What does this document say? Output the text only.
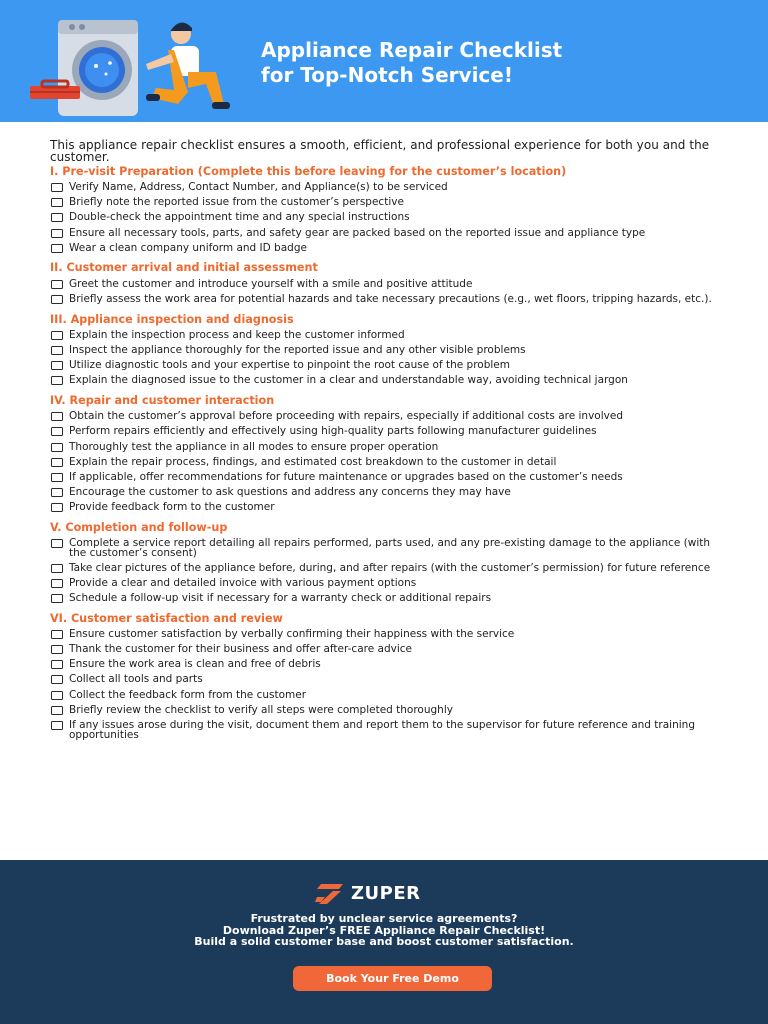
Appliance Repair Checklist
for Top-Notch Service!

This appliance repair checklist ensures a smooth, efficient, and professional experience for both you and the customer.

I. Pre-visit Preparation (Complete this before leaving for the customer’s location)
Verify Name, Address, Contact Number, and Appliance(s) to be serviced
Briefly note the reported issue from the customer’s perspective
Double-check the appointment time and any special instructions
Ensure all necessary tools, parts, and safety gear are packed based on the reported issue and appliance type
Wear a clean company uniform and ID badge
II. Customer arrival and initial assessment
Greet the customer and introduce yourself with a smile and positive attitude
Briefly assess the work area for potential hazards and take necessary precautions (e.g., wet floors, tripping hazards, etc.).
III. Appliance inspection and diagnosis
Explain the inspection process and keep the customer informed
Inspect the appliance thoroughly for the reported issue and any other visible problems
Utilize diagnostic tools and your expertise to pinpoint the root cause of the problem
Explain the diagnosed issue to the customer in a clear and understandable way, avoiding technical jargon
IV. Repair and customer interaction
Obtain the customer’s approval before proceeding with repairs, especially if additional costs are involved
Perform repairs efficiently and effectively using high-quality parts following manufacturer guidelines
Thoroughly test the appliance in all modes to ensure proper operation
Explain the repair process, findings, and estimated cost breakdown to the customer in detail
If applicable, offer recommendations for future maintenance or upgrades based on the customer’s needs
Encourage the customer to ask questions and address any concerns they may have
Provide feedback form to the customer
V. Completion and follow-up
Complete a service report detailing all repairs performed, parts used, and any pre-existing damage to the appliance (with the customer’s consent)
Take clear pictures of the appliance before, during, and after repairs (with the customer’s permission) for future reference
Provide a clear and detailed invoice with various payment options
Schedule a follow-up visit if necessary for a warranty check or additional repairs
VI. Customer satisfaction and review
Ensure customer satisfaction by verbally confirming their happiness with the service
Thank the customer for their business and offer after-care advice
Ensure the work area is clean and free of debris
Collect all tools and parts
Collect the feedback form from the customer
Briefly review the checklist to verify all steps were completed thoroughly
If any issues arose during the visit, document them and report them to the supervisor for future reference and training opportunities
ZUPER
Frustrated by unclear service agreements?
Download Zuper’s FREE Appliance Repair Checklist!
Build a solid customer base and boost customer satisfaction.
Book Your Free Demo
